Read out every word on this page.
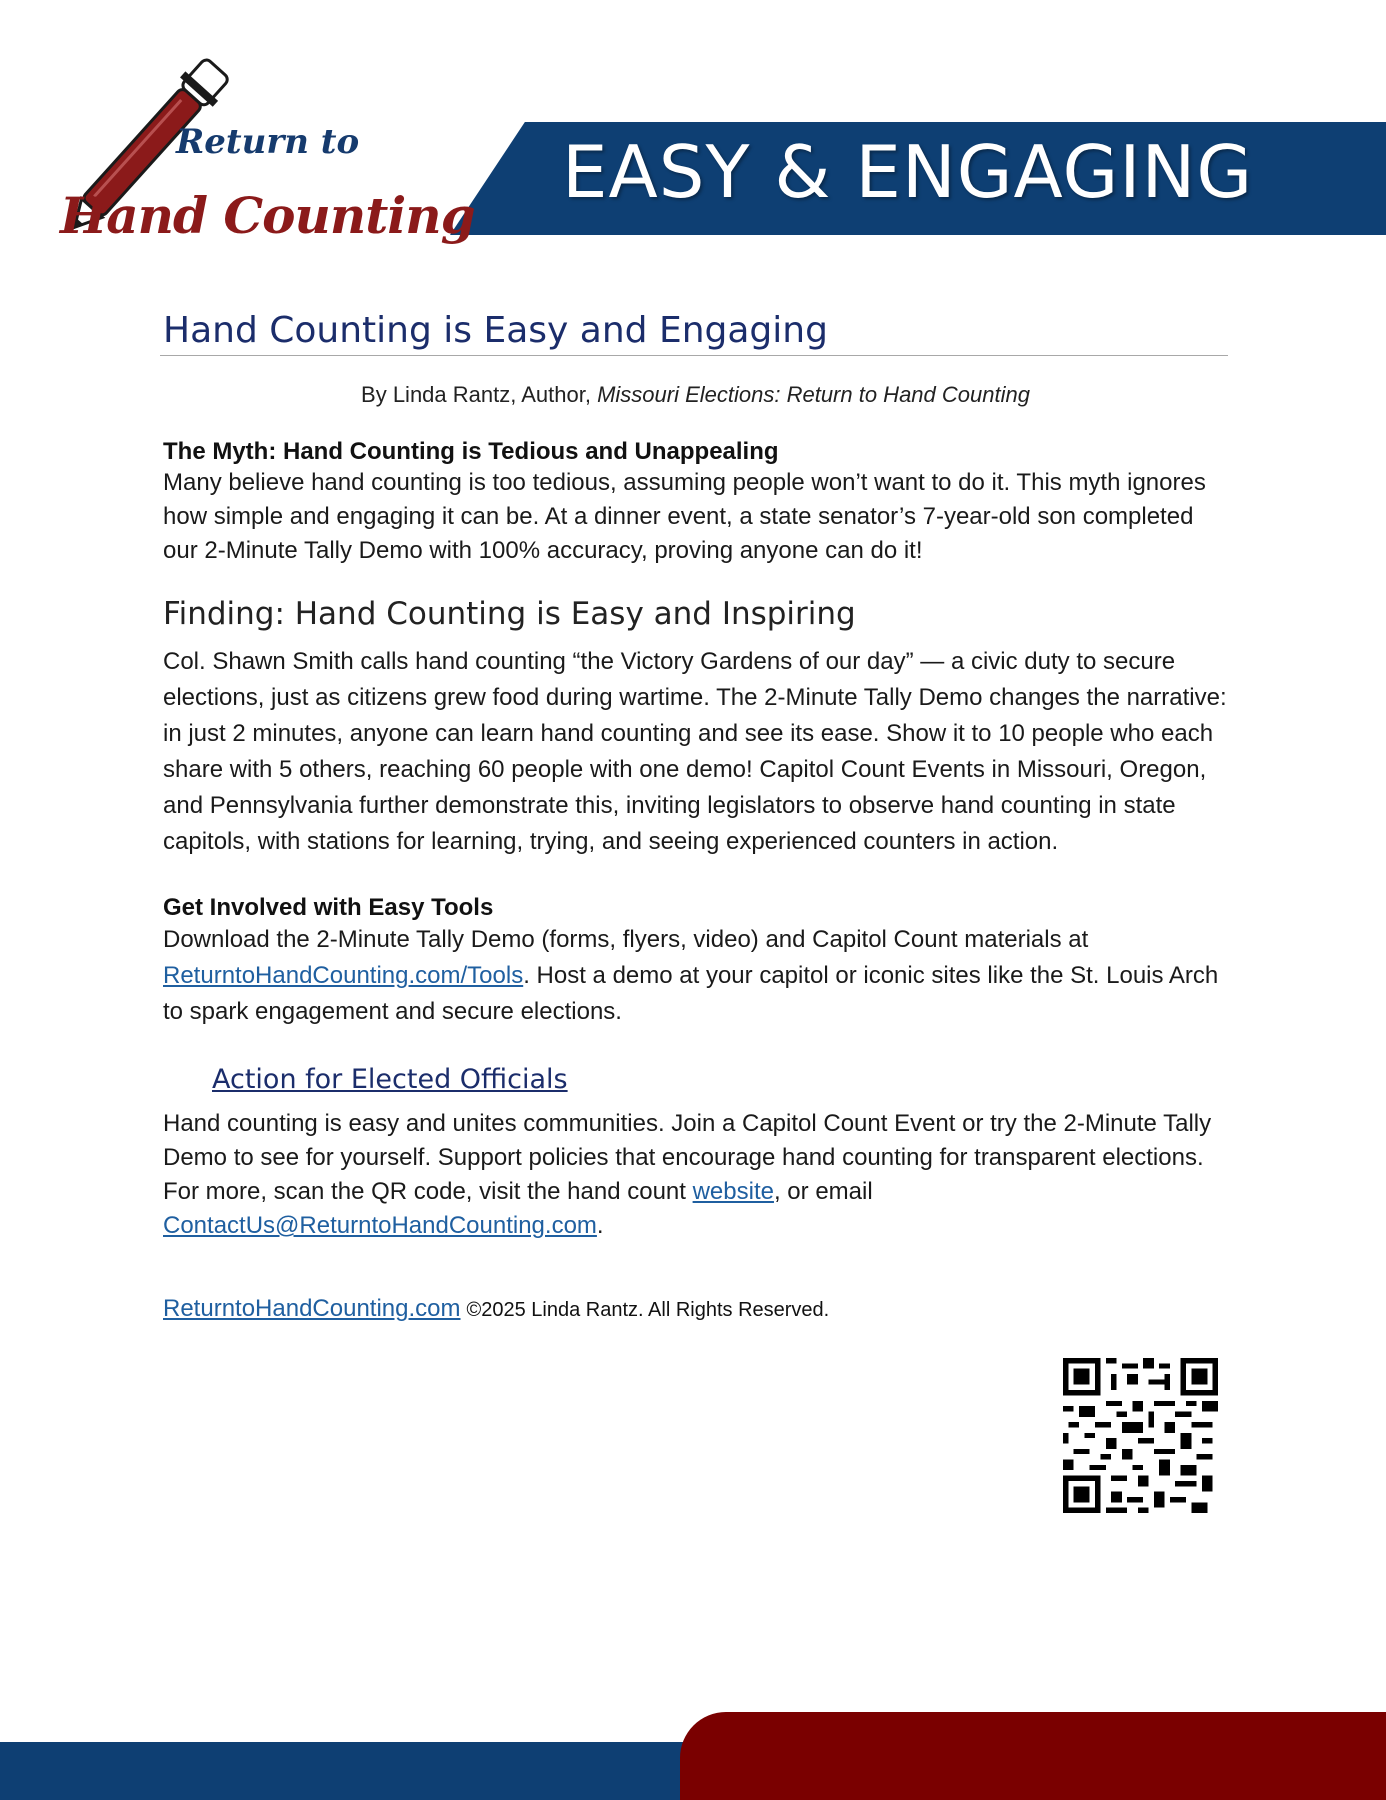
EASY & ENGAGING
Return to
Hand Counting
Hand Counting is Easy and Engaging
By Linda Rantz, Author, Missouri Elections: Return to Hand Counting
The Myth: Hand Counting is Tedious and Unappealing

Many believe hand counting is too tedious, assuming people won’t want to do it. This myth ignores how simple and engaging it can be. At a dinner event, a state senator’s 7-year-old son completed our 2-Minute Tally Demo with 100% accuracy, proving anyone can do it!

Finding: Hand Counting is Easy and Inspiring

Col. Shawn Smith calls hand counting “the Victory Gardens of our day” — a civic duty to secure elections, just as citizens grew food during wartime. The 2-Minute Tally Demo changes the narrative: in just 2 minutes, anyone can learn hand counting and see its ease. Show it to 10 people who each share with 5 others, reaching 60 people with one demo! Capitol Count Events in Missouri, Oregon, and Pennsylvania further demonstrate this, inviting legislators to observe hand counting in state capitols, with stations for learning, trying, and seeing experienced counters in action.

Get Involved with Easy Tools

Download the 2-Minute Tally Demo (forms, flyers, video) and Capitol Count materials at ReturntoHandCounting.com/Tools. Host a demo at your capitol or iconic sites like the St. Louis Arch to spark engagement and secure elections.

Action for Elected Officials

Hand counting is easy and unites communities. Join a Capitol Count Event or try the 2-Minute Tally Demo to see for yourself. Support policies that encourage hand counting for transparent elections. For more, scan the QR code, visit the hand count website, or email ContactUs@ReturntoHandCounting.com.

ReturntoHandCounting.com ©2025 Linda Rantz. All Rights Reserved.
